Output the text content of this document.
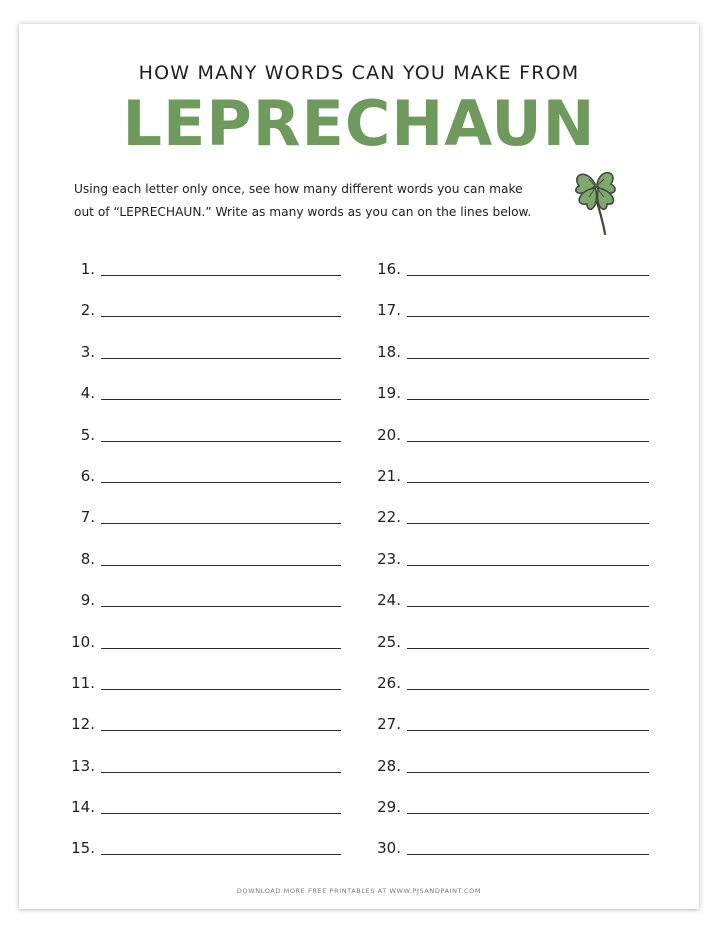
HOW MANY WORDS CAN YOU MAKE FROM
LEPRECHAUN
Using each letter only once, see how many different words you can make
out of “LEPRECHAUN.” Write as many words as you can on the lines below.
1.
2.
3.
4.
5.
6.
7.
8.
9.
10.
11.
12.
13.
14.
15.
16.
17.
18.
19.
20.
21.
22.
23.
24.
25.
26.
27.
28.
29.
30.
DOWNLOAD MORE FREE PRINTABLES AT WWW.PJSANDPAINT.COM
